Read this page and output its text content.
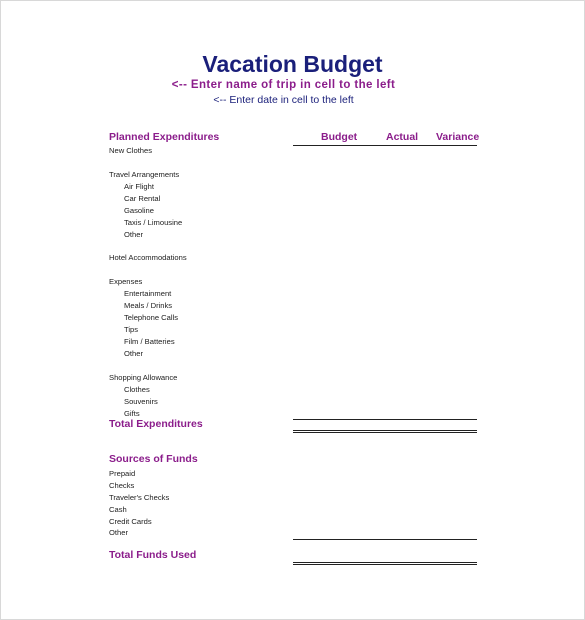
Vacation Budget
<-- Enter name of trip in cell to the left
<-- Enter date in cell to the left
Planned Expenditures	Budget	Actual Variance
New Clothes
Travel Arrangements
Air Flight
Car Rental
Gasoline
Taxis / Limousine
Other
Hotel Accommodations
Expenses
Entertainment
Meals / Drinks
Telephone Calls
Tips
Film / Batteries
Other
Shopping Allowance
Clothes
Souvenirs
Gifts
Total Expenditures
Sources of Funds
Prepaid
Checks
Traveler's Checks
Cash
Credit Cards
Other
Total Funds Used
